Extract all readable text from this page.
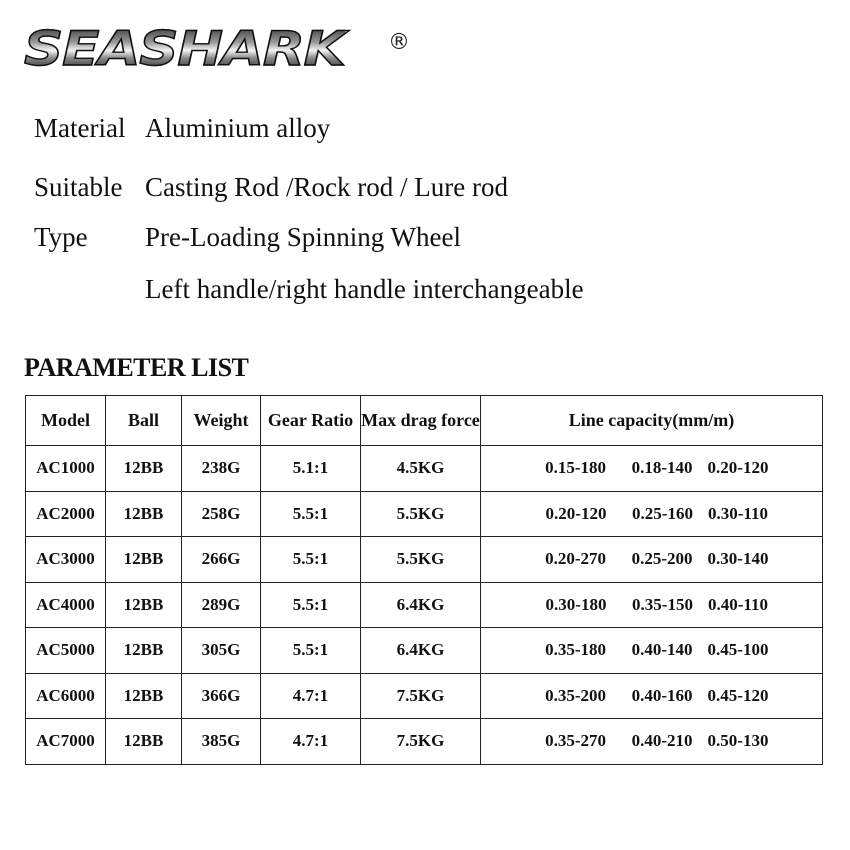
SEASHARK ®
Material Aluminium alloy
Suitable Casting Rod /Rock rod / Lure rod
Type Pre-Loading Spinning Wheel
Left handle/right handle interchangeable
PARAMETER LIST
Model	Ball	Weight	Gear Ratio	Max drag force	Line capacity(mm/m)
AC1000	12BB	238G	5.1:1	4.5KG	0.15-180 0.18-140 0.20-120
AC2000	12BB	258G	5.5:1	5.5KG	0.20-120 0.25-160 0.30-110
AC3000	12BB	266G	5.5:1	5.5KG	0.20-270 0.25-200 0.30-140
AC4000	12BB	289G	5.5:1	6.4KG	0.30-180 0.35-150 0.40-110
AC5000	12BB	305G	5.5:1	6.4KG	0.35-180 0.40-140 0.45-100
AC6000	12BB	366G	4.7:1	7.5KG	0.35-200 0.40-160 0.45-120
AC7000	12BB	385G	4.7:1	7.5KG	0.35-270 0.40-210 0.50-130
